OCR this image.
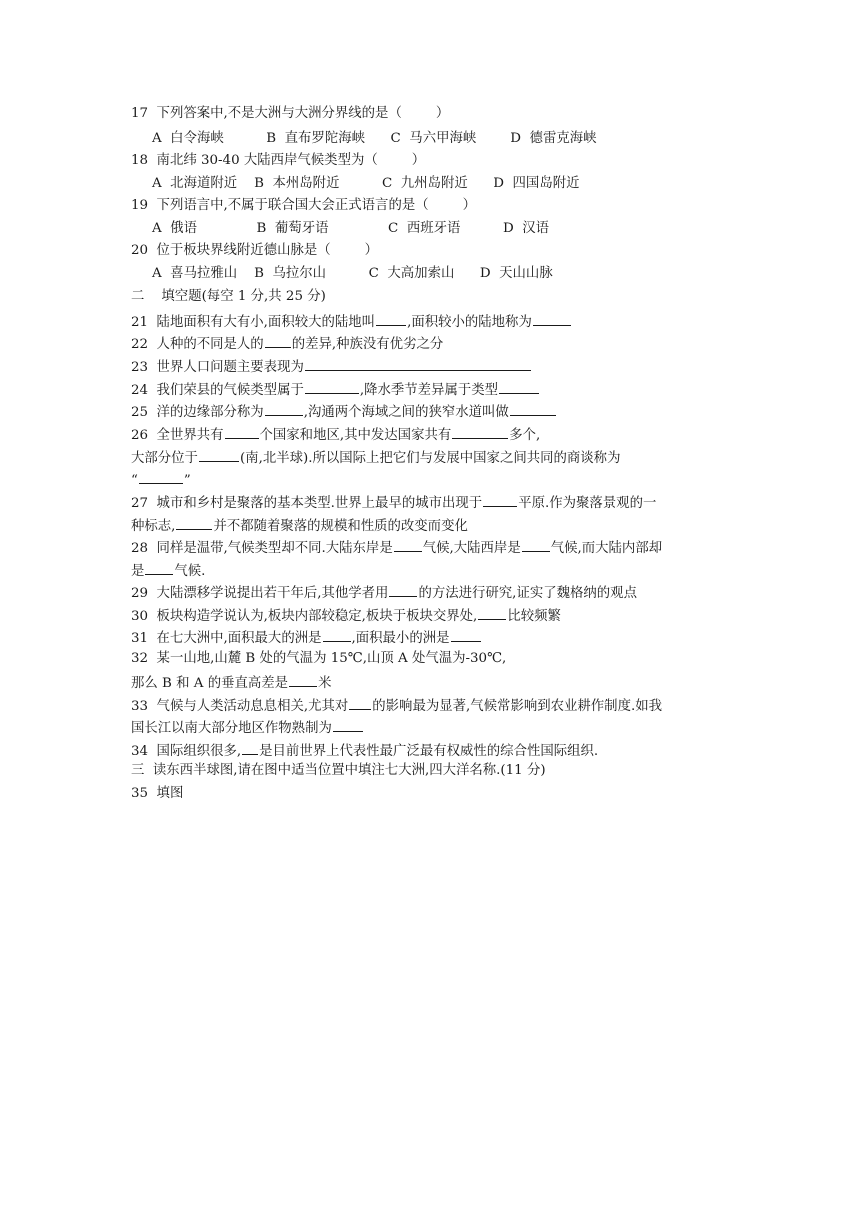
17  下列答案中,不是大洲与大洲分界线的是（        ）
A  白令海峡          B  直布罗陀海峡      C  马六甲海峡        D  德雷克海峡
18  南北纬 30-40 大陆西岸气候类型为（        ）
A  北海道附近    B  本州岛附近          C  九州岛附近      D  四国岛附近
19  下列语言中,不属于联合国大会正式语言的是（        ）
A  俄语              B  葡萄牙语              C  西班牙语          D  汉语
20  位于板块界线附近德山脉是（        ）
A  喜马拉雅山    B  乌拉尔山          C  大高加索山      D  天山山脉
二    填空题(每空 1 分,共 25 分)
21  陆地面积有大有小,面积较大的陆地叫 ,面积较小的陆地称为
22  人种的不同是人的 的差异,种族没有优劣之分
23  世界人口问题主要表现为
24  我们荣县的气候类型属于	,降水季节差异属于类型
25  洋的边缘部分称为	,沟通两个海域之间的狭窄水道叫做
26  全世界共有	个国家和地区,其中发达国家共有	多个,
大部分位于	(南,北半球).所以国际上把它们与发展中国家之间共同的商谈称为
“	”
27  城市和乡村是聚落的基本类型.世界上最早的城市出现于	平原.作为聚落景观的一
种标志,	并不都随着聚落的规模和性质的改变而变化
28  同样是温带,气候类型却不同.大陆东岸是 气候,大陆西岸是 气候,而大陆内部却
是 气候.
29  大陆漂移学说提出若干年后,其他学者用 的方法进行研究,证实了魏格纳的观点
30  板块构造学说认为,板块内部较稳定,板块于板块交界处, 比较频繁
31  在七大洲中,面积最大的洲是 ,面积最小的洲是
32  某一山地,山麓 B 处的气温为 15℃,山顶 A 处气温为-30℃,
那么 B 和 A 的垂直高差是 米
33  气候与人类活动息息相关,尤其对 的影响最为显著,气候常影响到农业耕作制度.如我
国长江以南大部分地区作物熟制为
34  国际组织很多, 是目前世界上代表性最广泛最有权威性的综合性国际组织.
三  读东西半球图,请在图中适当位置中填注七大洲,四大洋名称.(11 分)
35  填图
